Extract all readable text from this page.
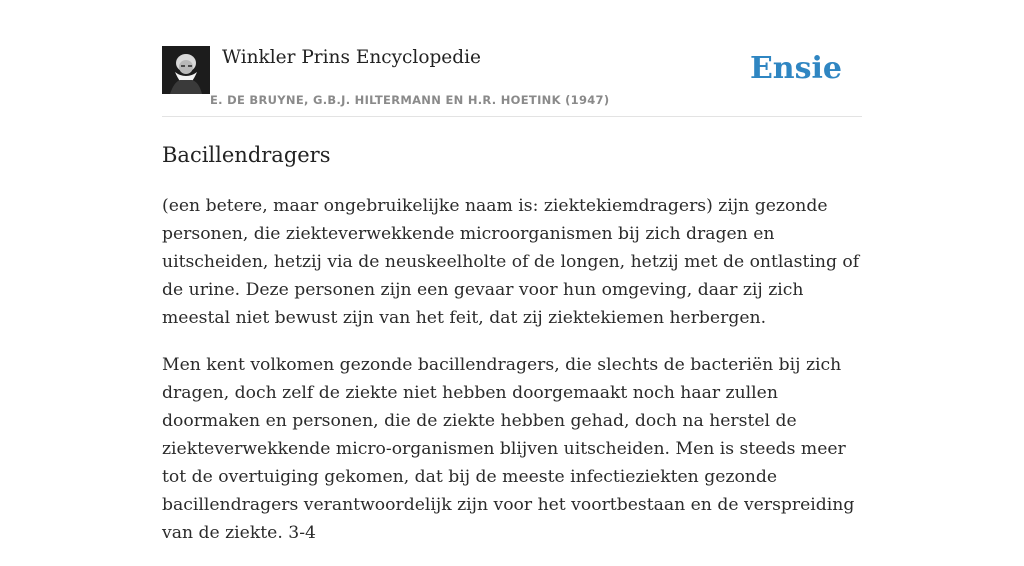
Winkler Prins Encyclopedie
E. DE BRUYNE, G.B.J. HILTERMANN EN H.R. HOETINK (1947)
Ensie
Bacillendragers

(een betere, maar ongebruikelijke naam is: ziektekiemdragers) zijn gezonde personen, die ziekteverwekkende microorganismen bij zich dragen en uitscheiden, hetzij via de neuskeelholte of de longen, hetzij met de ontlasting of de urine. Deze personen zijn een gevaar voor hun omgeving, daar zij zich meestal niet bewust zijn van het feit, dat zij ziektekiemen herbergen.

Men kent volkomen gezonde bacillendragers, die slechts de bacteriën bij zich dragen, doch zelf de ziekte niet hebben doorgemaakt noch haar zullen doormaken en personen, die de ziekte hebben gehad, doch na herstel de ziekteverwekkende micro-organismen blijven uitscheiden. Men is steeds meer tot de overtuiging gekomen, dat bij de meeste infectieziekten gezonde bacillendragers verantwoordelijk zijn voor het voortbestaan en de verspreiding van de ziekte. 3-4
